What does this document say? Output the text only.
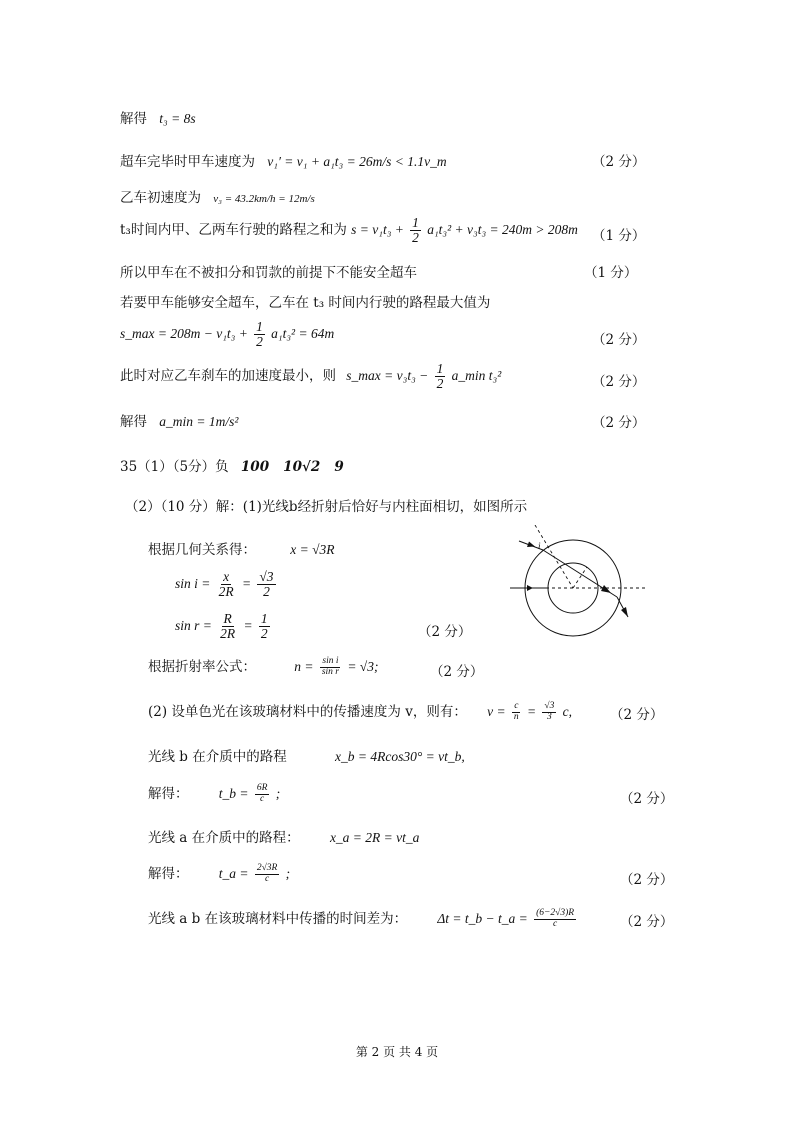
解得 t₃ = 8s
超车完毕时甲车速度为 v₁′ = v₁ + a₁t₃ = 26m/s < 1.1v_m	（2 分）
乙车初速度为 v₃ = 43.2km/h = 12m/s
t₃时间内甲、乙两车行驶的路程之和为 $s = v_1t_3 + \frac{1}{2} a_1t_3^2 + v_3t_3 = 240m > 208m$ （1 分）
所以甲车在不被扣分和罚款的前提下不能安全超车	（1 分）
若要甲车能够安全超车，乙车在 t₃ 时间内行驶的路程最大值为
s_max = $208m - v_1t_3 + \frac{1}{2} a_1t_3^2 = 64m$	（2 分）
此时对应乙车刹车的加速度最小，则 s_max = $v_3t_3 - \frac{1}{2}$ a_min t₃²	（2 分）
解得 a_min = 1m/s²	（2 分）
35（1）（5分）负 100   10√2   9
（2）（10 分）解：(1)光线b经折射后恰好与内柱面相切，如图所示
根据几何关系得：	x = √3R
$\sin i = \frac{x}{2R} = \frac{√3}{2}$
$\sin r = \frac{R}{2R} = \frac{1}{2}$	（2 分）
根据折射率公式：	$n = \frac{\text{sin i}}{\text{sin r}} = √3$;	（2 分）
(2) 设单色光在该玻璃材料中的传播速度为 v，则有： $v = \frac{c}{n} = \frac{√3}{3} c$,	（2 分）
光线 b 在介质中的路程	x_b = 4Rcos30° = vt_b,
解得： t_b = $\frac{6R}{c}$ ;	（2 分）
光线 a 在介质中的路程： x_a = 2R = vt_a
解得： t_a = $\frac{2√3R}{c}$ ;	（2 分）
光线 a b 在该玻璃材料中传播的时间差为： Δt = t_b − t_a = $\frac{(6-2√3)R}{c}$	（2 分）
i
第 2 页 共 4 页
